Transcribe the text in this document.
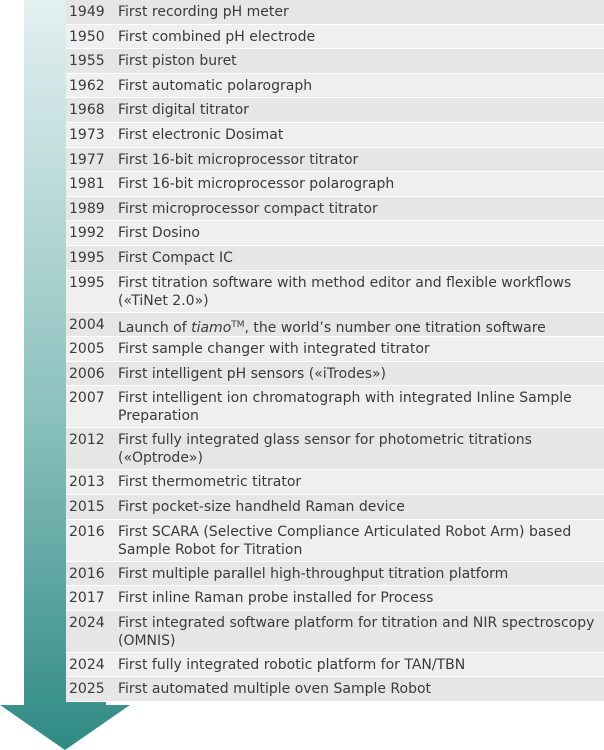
1949 First recording pH meter
1950 First combined pH electrode
1955 First piston buret
1962 First automatic polarograph
1968 First digital titrator
1973 First electronic Dosimat
1977 First 16-bit microprocessor titrator
1981 First 16-bit microprocessor polarograph
1989 First microprocessor compact titrator
1992 First Dosino
1995 First Compact IC
1995 First titration software with method editor and flexible workflows («TiNet 2.0»)
2004 Launch of tiamo™, the world’s number one titration software
2005 First sample changer with integrated titrator
2006 First intelligent pH sensors («iTrodes»)
2007 First intelligent ion chromatograph with integrated Inline Sample Preparation
2012 First fully integrated glass sensor for photometric titrations («Optrode»)
2013 First thermometric titrator
2015 First pocket-size handheld Raman device
2016 First SCARA (Selective Compliance Articulated Robot Arm) based Sample Robot for Titration
2016 First multiple parallel high-throughput titration platform
2017 First inline Raman probe installed for Process
2024 First integrated software platform for titration and NIR spectroscopy (OMNIS)
2024 First fully integrated robotic platform for TAN/TBN
2025 First automated multiple oven Sample Robot
